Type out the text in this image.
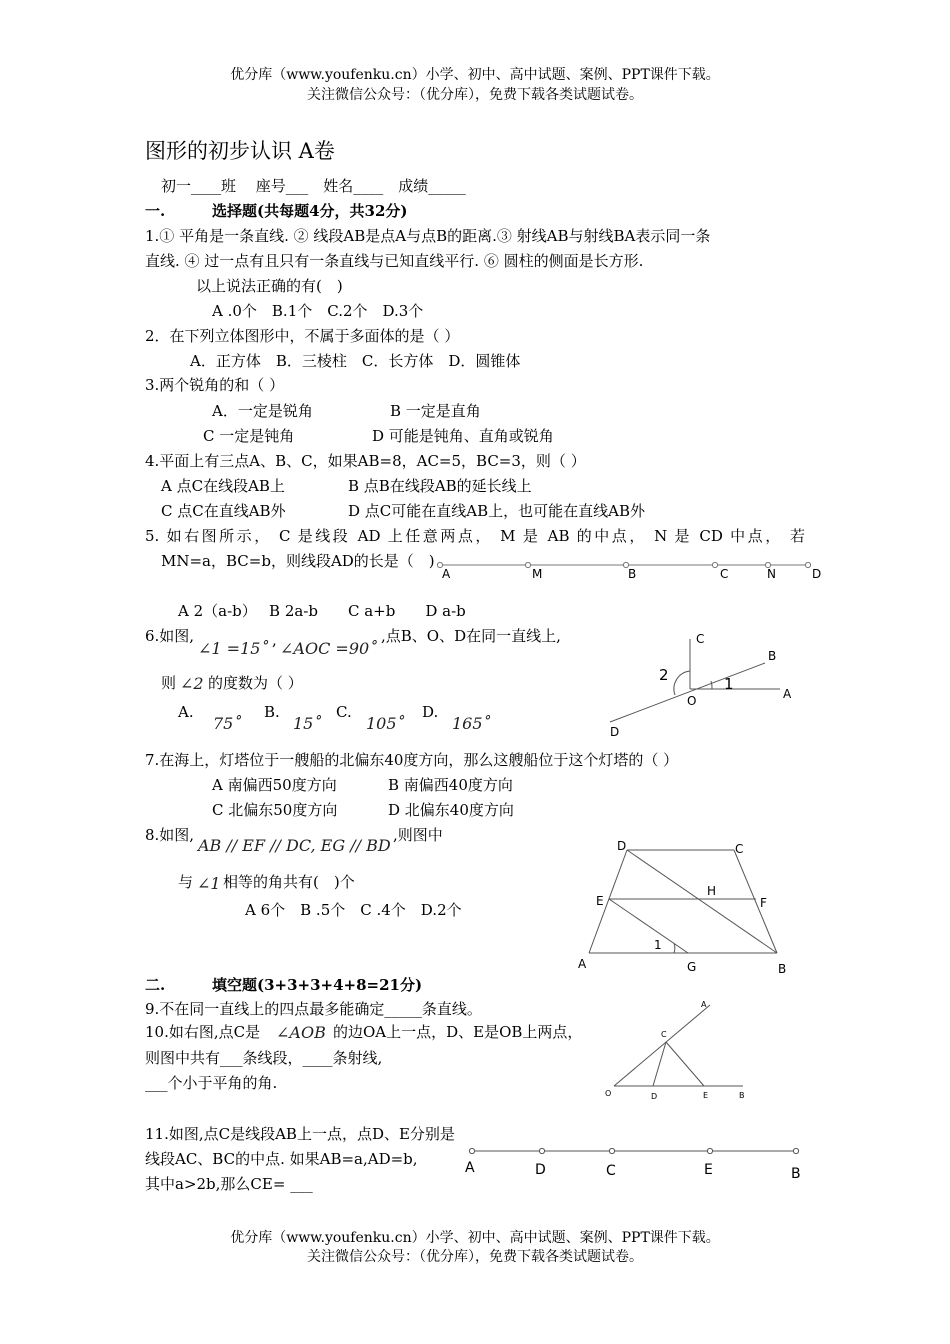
优分库（www.youfenku.cn）小学、初中、高中试题、案例、PPT课件下载。
关注微信公众号：（优分库），免费下载各类试题试卷。
图形的初步认识 A卷
初一____班　 座号___　姓名____　成绩_____
一.	选择题(共每题4分，共32分)
1.① 平角是一条直线. ② 线段AB是点A与点B的距离.③ 射线AB与射线BA表示同一条
直线. ④ 过一点有且只有一条直线与已知直线平行. ⑥ 圆柱的侧面是长方形.
以上说法正确的有(　)
A .0个　B.1个　C.2个　D.3个
2．在下列立体图形中，不属于多面体的是（ ）
A．正方体　B．三棱柱　C．长方体　D．圆锥体
3.两个锐角的和（ ）
A．一定是锐角	B 一定是直角
C 一定是钝角	D 可能是钝角、直角或锐角
4.平面上有三点A、B、C，如果AB=8，AC=5，BC=3，则（ ）
A 点C在线段AB上	B 点B在线段AB的延长线上
C 点C在直线AB外	D 点C可能在直线AB上，也可能在直线AB外
5. 如右图所示， C 是线段 AD 上任意两点， M 是 AB 的中点， N 是 CD 中点， 若
MN=a，BC=b，则线段AD的长是（　)
A	M	B	C	N	D
A 2（a-b）　 B 2a-b　　C a+b　　D a-b
6.如图,
∠1 =15˚ , ∠AOC =90˚
,点B、O、D在同一直线上,
则 ∠2 的度数为（ ）
A.
75˚
B.
15˚
C.
105˚
D.
165˚
C
B
A
O
D
1
2
7.在海上，灯塔位于一艘船的北偏东40度方向，那么这艘船位于这个灯塔的（ ）
A 南偏西50度方向	B 南偏西40度方向
C 北偏东50度方向	D 北偏东40度方向
8.如图,
AB // EF // DC, EG // BD
,则图中
与 ∠1 相等的角共有(　)个
A 6个　B .5个　C .4个　D.2个
D	C
H
E	F
1
A	G	B
二.	填空题(3+3+3+4+8=21分)
9.不在同一直线上的四点最多能确定_____条直线。
10.如右图,点C是 ∠AOB 的边OA上一点，D、E是OB上两点，
则图中共有___条线段，____条射线,
___个小于平角的角.
A
C
O	D	E	B
11.如图,点C是线段AB上一点，点D、E分别是
线段AC、BC的中点. 如果AB=a,AD=b,
其中a>2b,那么CE= ___
A	D	C	E	B
优分库（www.youfenku.cn）小学、初中、高中试题、案例、PPT课件下载。
关注微信公众号：（优分库），免费下载各类试题试卷。
